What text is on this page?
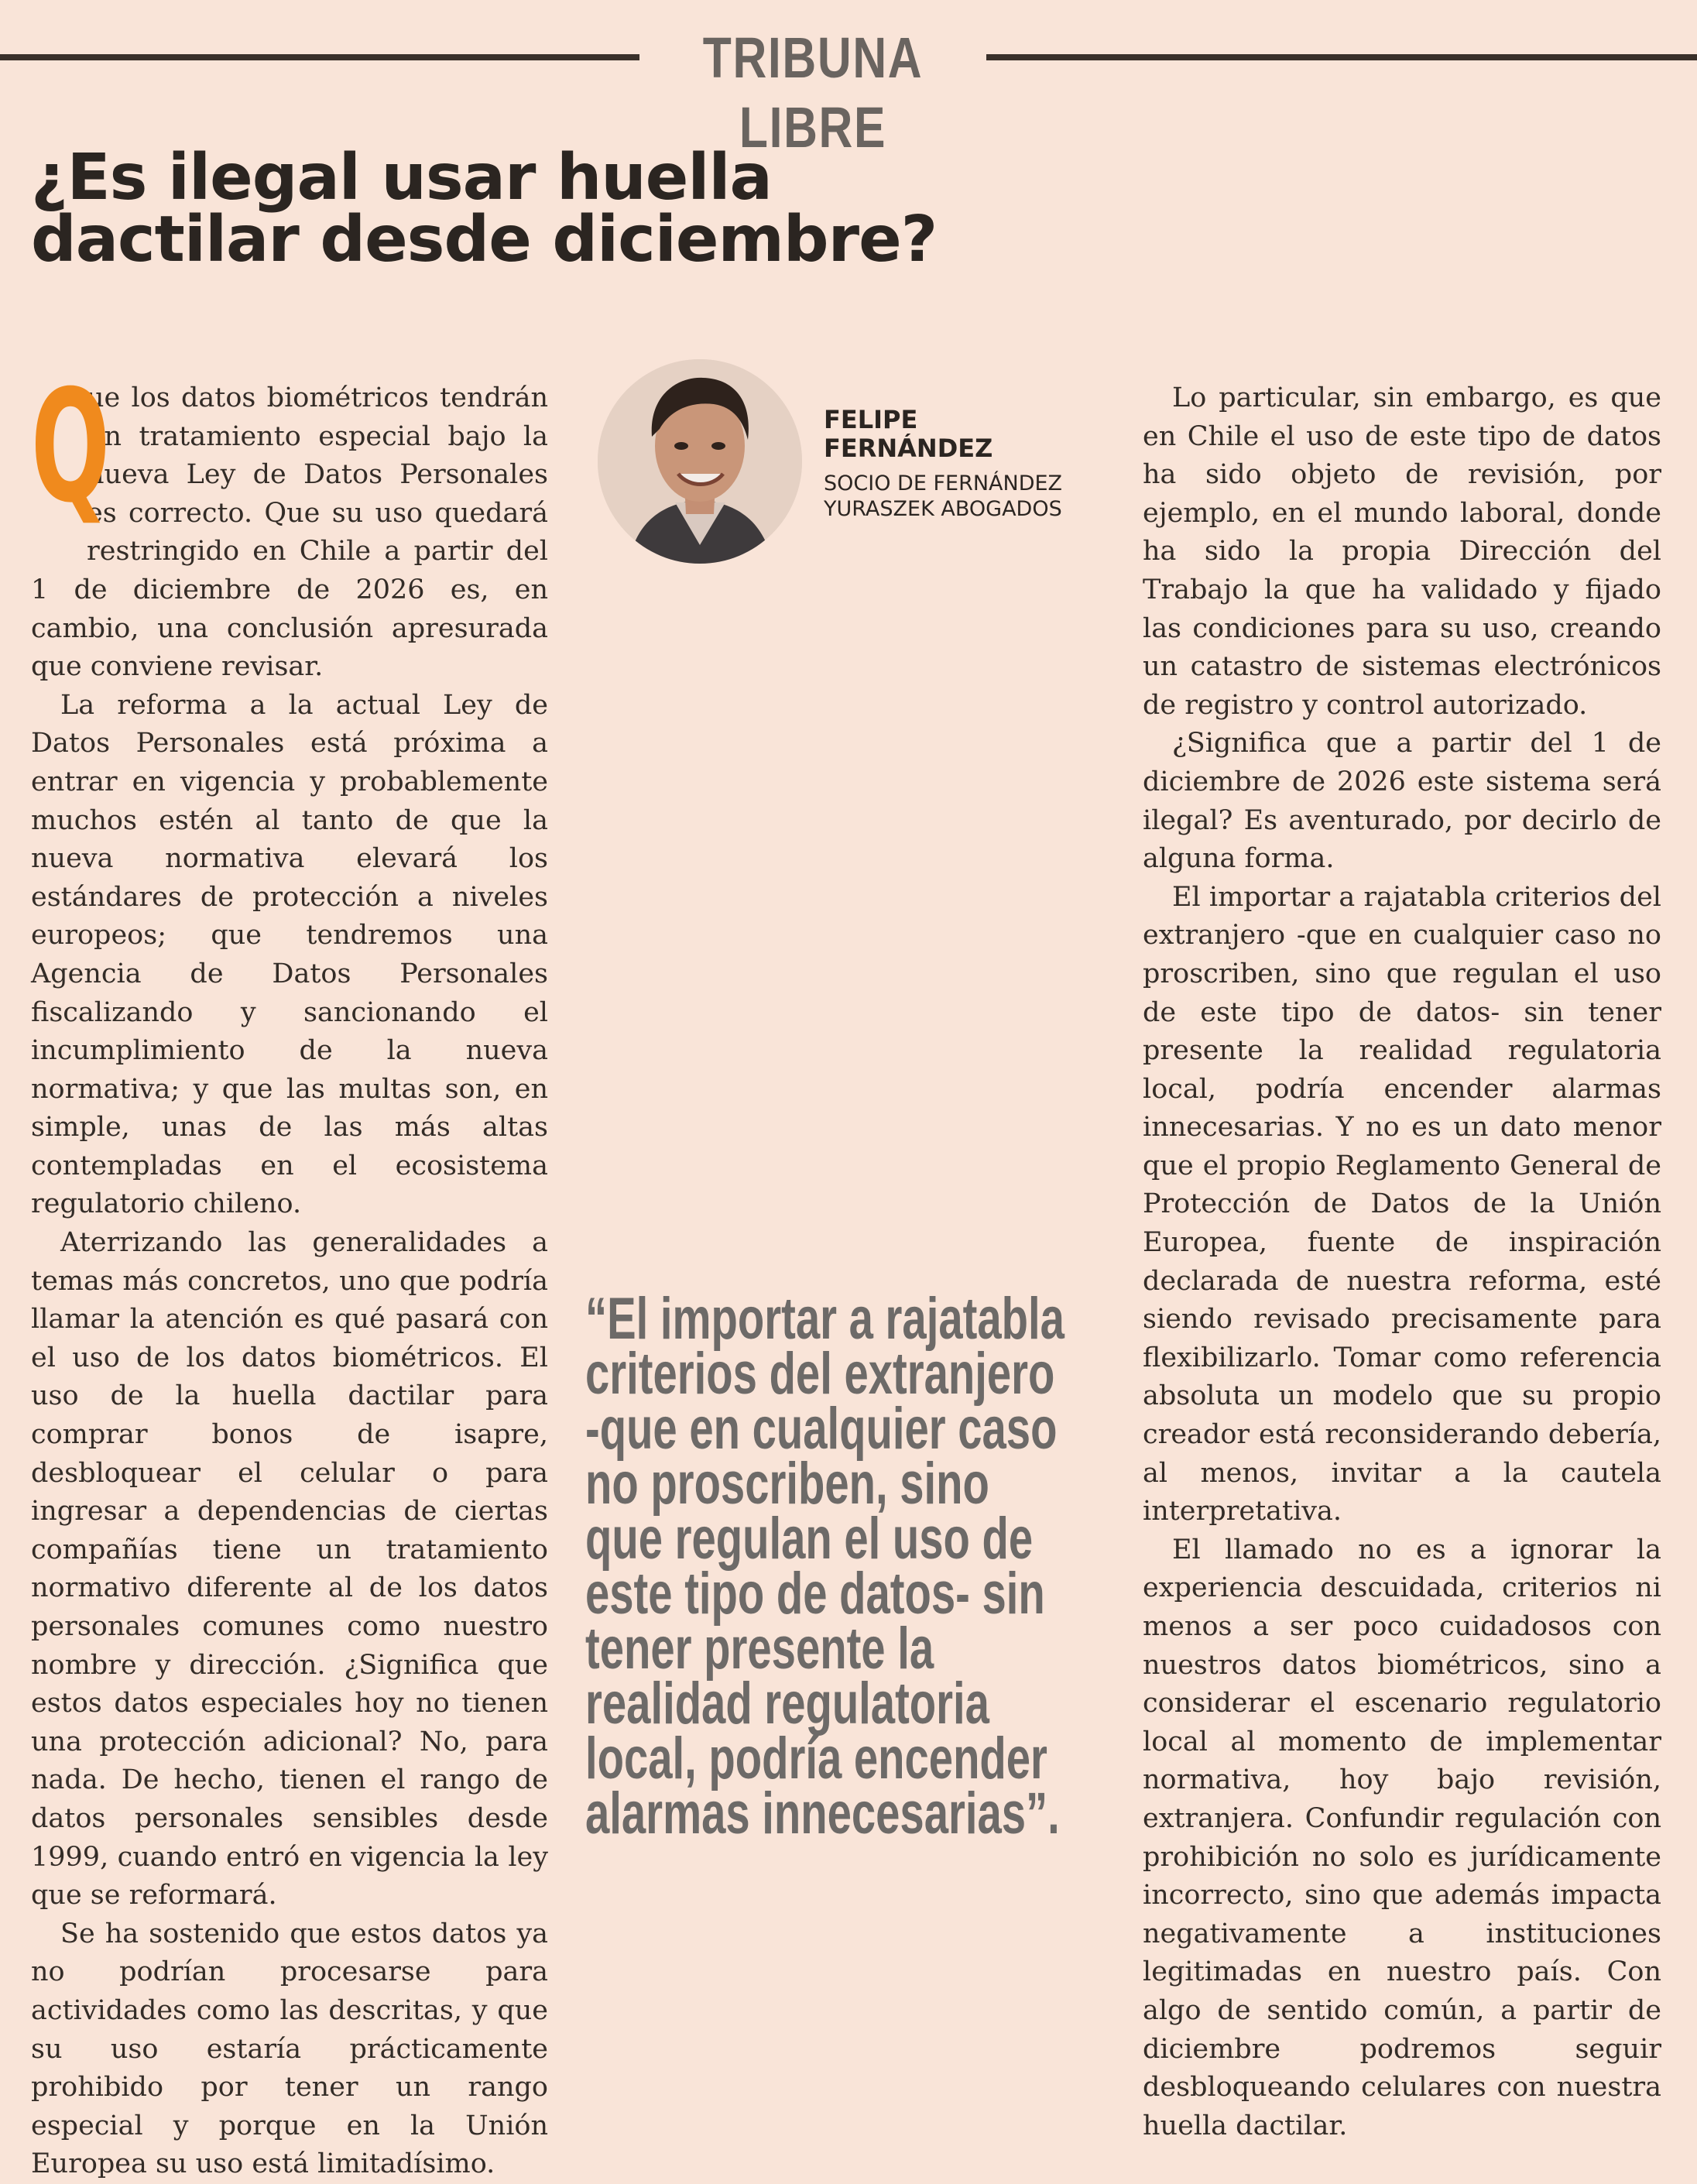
TRIBUNA LIBRE
¿Es ilegal usar huella dactilar desde diciembre?

Q
ue los datos biométricos tendrán un tratamiento especial bajo la nueva Ley de Datos Personales es correcto. Que su uso quedará restringido en Chile a partir del 1 de diciembre de 2026 es, en cambio, una conclusión apresurada que conviene revisar.

La reforma a la actual Ley de Datos Personales está próxima a entrar en vigencia y probablemente muchos estén al tanto de que la nueva normativa elevará los estándares de protección a niveles europeos; que tendremos una Agencia de Datos Personales fiscalizando y sancionando el incumplimiento de la nueva normativa; y que las multas son, en simple, unas de las más altas contempladas en el ecosistema regulatorio chileno.

Aterrizando las generalidades a temas más concretos, uno que podría llamar la atención es qué pasará con el uso de los datos biométricos. El uso de la huella dactilar para comprar bonos de isapre, desbloquear el celular o para ingresar a dependencias de ciertas compañías tiene un tratamiento normativo diferente al de los datos personales comunes como nuestro nombre y dirección. ¿Significa que estos datos especiales hoy no tienen una protección adicional? No, para nada. De hecho, tienen el rango de datos personales sensibles desde 1999, cuando entró en vigencia la ley que se reformará.

Se ha sostenido que estos datos ya no podrían procesarse para actividades como las descritas, y que su uso estaría prácticamente prohibido por tener un rango especial y porque en la Unión Europea su uso está limitadísimo.

FELIPE FERNÁNDEZ

SOCIO DE FERNÁNDEZ YURASZEK ABOGADOS

“El importar a rajatabla criterios del extranjero -que en cualquier caso no proscriben, sino que regulan el uso de este tipo de datos- sin tener presente la realidad regulatoria local, podría encender alarmas innecesarias”.

Lo particular, sin embargo, es que en Chile el uso de este tipo de datos ha sido objeto de revisión, por ejemplo, en el mundo laboral, donde ha sido la propia Dirección del Trabajo la que ha validado y fijado las condiciones para su uso, creando un catastro de sistemas electrónicos de registro y control autorizado.

¿Significa que a partir del 1 de diciembre de 2026 este sistema será ilegal? Es aventurado, por decirlo de alguna forma.

El importar a rajatabla criterios del extranjero -que en cualquier caso no proscriben, sino que regulan el uso de este tipo de datos- sin tener presente la realidad regulatoria local, podría encender alarmas innecesarias. Y no es un dato menor que el propio Reglamento General de Protección de Datos de la Unión Europea, fuente de inspiración declarada de nuestra reforma, esté siendo revisado precisamente para flexibilizarlo. Tomar como referencia absoluta un modelo que su propio creador está reconsiderando debería, al menos, invitar a la cautela interpretativa.

El llamado no es a ignorar la experiencia descuidada, criterios ni menos a ser poco cuidadosos con nuestros datos biométricos, sino a considerar el escenario regulatorio local al momento de implementar normativa, hoy bajo revisión, extranjera. Confundir regulación con prohibición no solo es jurídicamente incorrecto, sino que además impacta negativamente a instituciones legitimadas en nuestro país. Con algo de sentido común, a partir de diciembre podremos seguir desbloqueando celulares con nuestra huella dactilar.
